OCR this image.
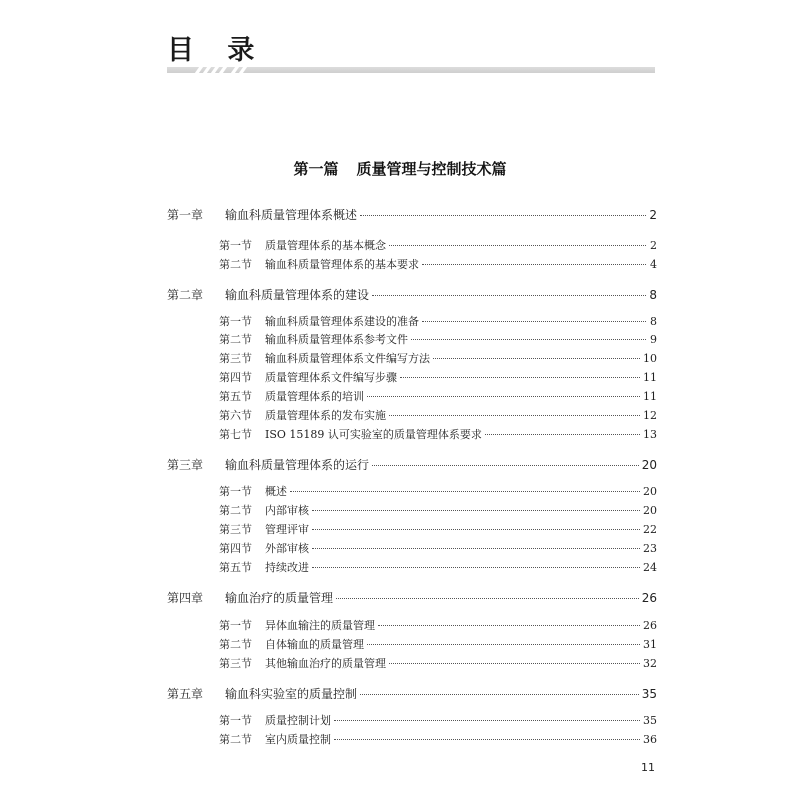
目 录
第一篇 质量管理与控制技术篇
第一章	输血科质量管理体系概述	2
第一节	质量管理体系的基本概念	2
第二节	输血科质量管理体系的基本要求	4
第二章	输血科质量管理体系的建设	8
第一节	输血科质量管理体系建设的准备	8
第二节	输血科质量管理体系参考文件	9
第三节	输血科质量管理体系文件编写方法	10
第四节	质量管理体系文件编写步骤	11
第五节	质量管理体系的培训	11
第六节	质量管理体系的发布实施	12
第七节	ISO 15189 认可实验室的质量管理体系要求	13
第三章	输血科质量管理体系的运行	20
第一节	概述	20
第二节	内部审核	20
第三节	管理评审	22
第四节	外部审核	23
第五节	持续改进	24
第四章	输血治疗的质量管理	26
第一节	异体血输注的质量管理	26
第二节	自体输血的质量管理	31
第三节	其他输血治疗的质量管理	32
第五章	输血科实验室的质量控制	35
第一节	质量控制计划	35
第二节	室内质量控制	36
11
